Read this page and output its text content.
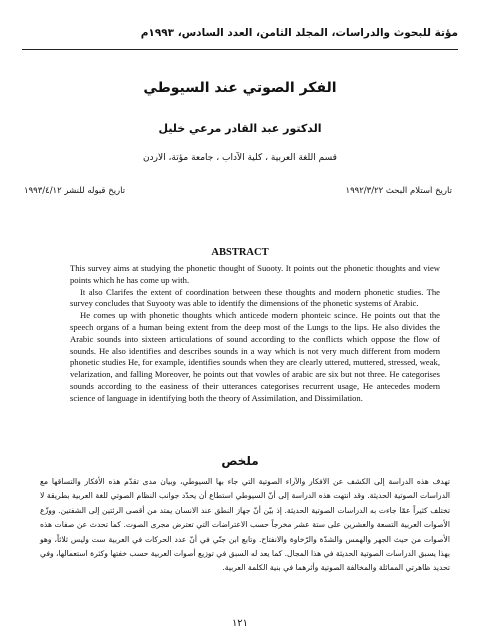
مؤتة للبحوث والدراسات، المجلد الثامن، العدد السادس، ١٩٩٣م
الفكر الصوتي عند السيوطي
الدكتور عبد القادر مرعي خليل
قسم اللغة العربية ، كلية الآداب ، جامعة مؤتة، الاردن
تاريخ استلام البحث ١٩٩٢/٣/٢٢
تاريخ قبوله للنشر ١٩٩٣/٤/١٢
ABSTRACT

This survey aims at studying the phonetic thought of Suooty. It points out the phonetic thoughts and view points which he has come up with.

It also Clarifes the extent of coordination between these thoughts and modern phonetic studies. The survey concludes that Suyooty was able to identify the dimensions of the phonetic systems of Arabic.

He comes up with phonetic thoughts which anticede modern phonteic scince. He points out that the speech organs of a human being extent from the deep most of the Lungs to the lips. He also divides the Arabic sounds into sixteen articulations of sound according to the conflicts which oppose the flow of sounds. He also identifies and describes sounds in a way which is not very much different from modern phonetic studies He, for example, identifies sounds when they are clearly uttered, muttered, stressed, weak, velarization, and falling Moreover, he points out that vowles of arabic are six but not three. He categorises sounds according to the easiness of their utterances categorises recurrent usage, He antecedes modern science of language in identifying both the theory of Assimilation, and Dissimilation.

ملخص
تهدف هذه الدراسة إلى الكشف عن الافكار والآراء الصوتية التي جاء بها السيوطي، وبيان مدى تقدّم هذه الأفكار والتساقها مع الدراسات الصوتية الحديثة. وقد انتهت هذه الدراسة إلى أنّ السيوطي استطاع أن يحدّد جوانب النظام الصوتي للغة العربية بطريقة لا تختلف كثيراً عمّا جاءت به الدراسات الصوتية الحديثة. إذ بيّن أنّ جهاز النطق عند الانسان يمتد من أقصى الرئتين إلى الشفتين. ووزّع الأصوات العربية التسعة والعشرين على ستة عشر مخرجاً حسب الاعتراضات التي تعترض مجرى الصوت. كما تحدث عن صفات هذه الأصوات من حيث الجهر والهمس والشدّة والرّخاوة والانفتاح. وتابع ابن جنّي في أنّ عدد الحركات في العربية ست وليس ثلاثاً، وهو بهذا يسبق الدراسات الصوتية الحديثة في هذا المجال. كما يعد له السبق في توزيع أصوات العربية حسب خفتها وكثرة استعمالها، وفي تحديد ظاهرتي المماثلة والمخالفة الصوتية وأثرهما في بنية الكلمة العربية.
١٢١
